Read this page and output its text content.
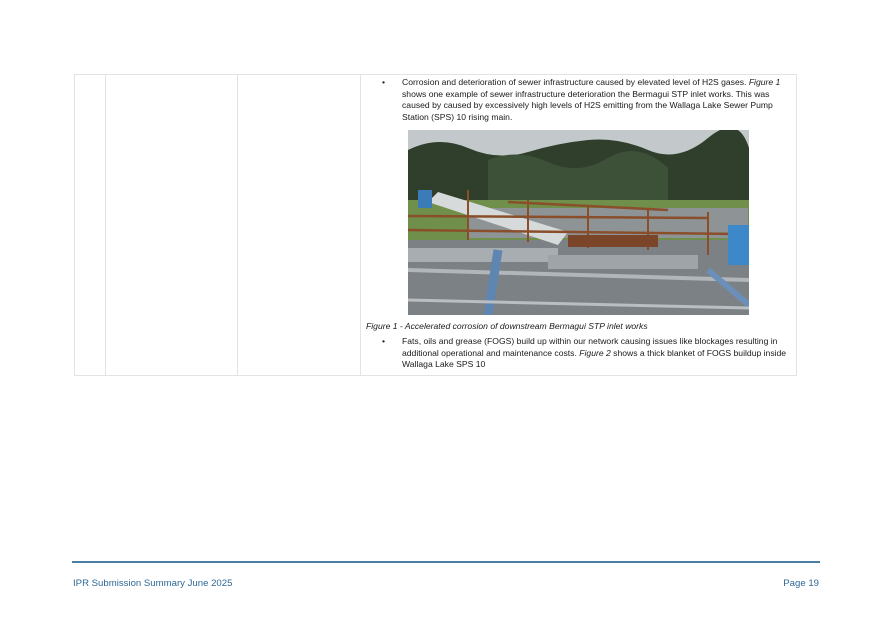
•	Corrosion and deterioration of sewer infrastructure caused by elevated level of H2S gases. Figure 1 shows one example of sewer infrastructure deterioration the Bermagui STP inlet works. This was caused by caused by excessively high levels of H2S emitting from the Wallaga Lake Sewer Pump Station (SPS) 10 rising main.
Figure 1 - Accelerated corrosion of downstream Bermagui STP inlet works
•	Fats, oils and grease (FOGS) build up within our network causing issues like blockages resulting in additional operational and maintenance costs. Figure 2 shows a thick blanket of FOGS buildup inside Wallaga Lake SPS 10
IPR Submission Summary June 2025	Page 19
